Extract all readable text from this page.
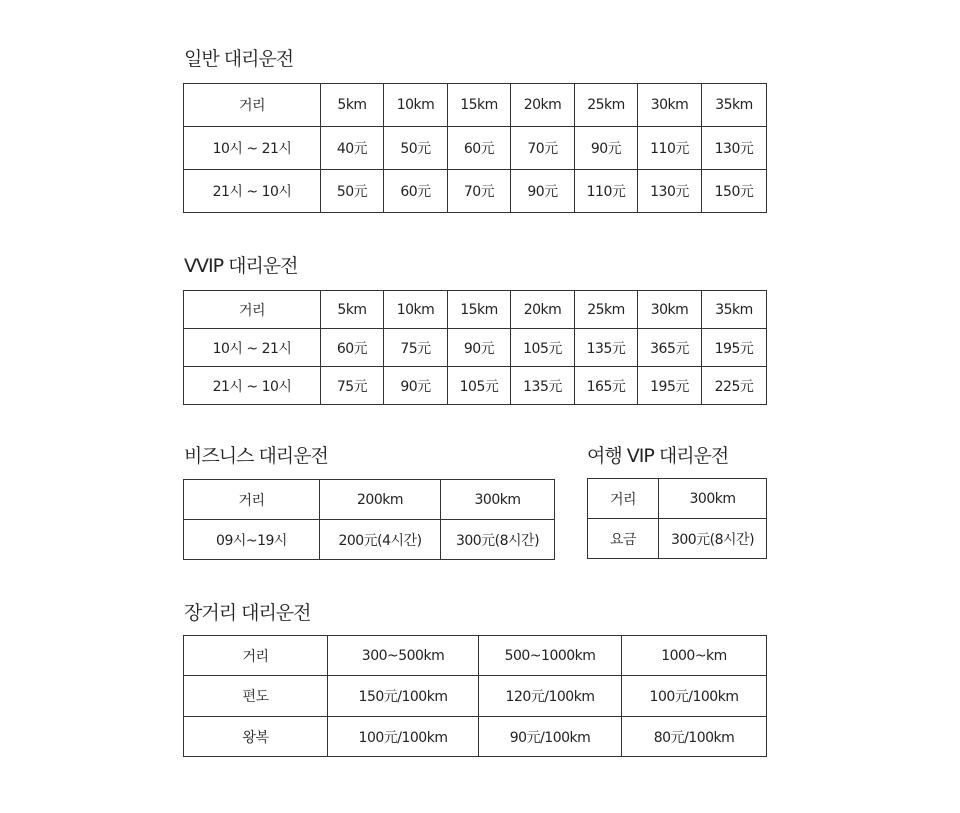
일반 대리운전
거리	5km	10km	15km	20km	25km	30km	35km
10시 ~ 21시	40元	50元	60元	70元	90元	110元	130元
21시 ~ 10시	50元	60元	70元	90元	110元	130元	150元
VVIP 대리운전
거리	5km	10km	15km	20km	25km	30km	35km
10시 ~ 21시	60元	75元	90元	105元	135元	365元	195元
21시 ~ 10시	75元	90元	105元	135元	165元	195元	225元
비즈니스 대리운전
거리	200km	300km
09시~19시	200元(4시간)	300元(8시간)
여행 VIP 대리운전
거리	300km
요금	300元(8시간)
장거리 대리운전
거리	300~500km	500~1000km	1000~km
편도	150元/100km	120元/100km	100元/100km
왕복	100元/100km	90元/100km	80元/100km
